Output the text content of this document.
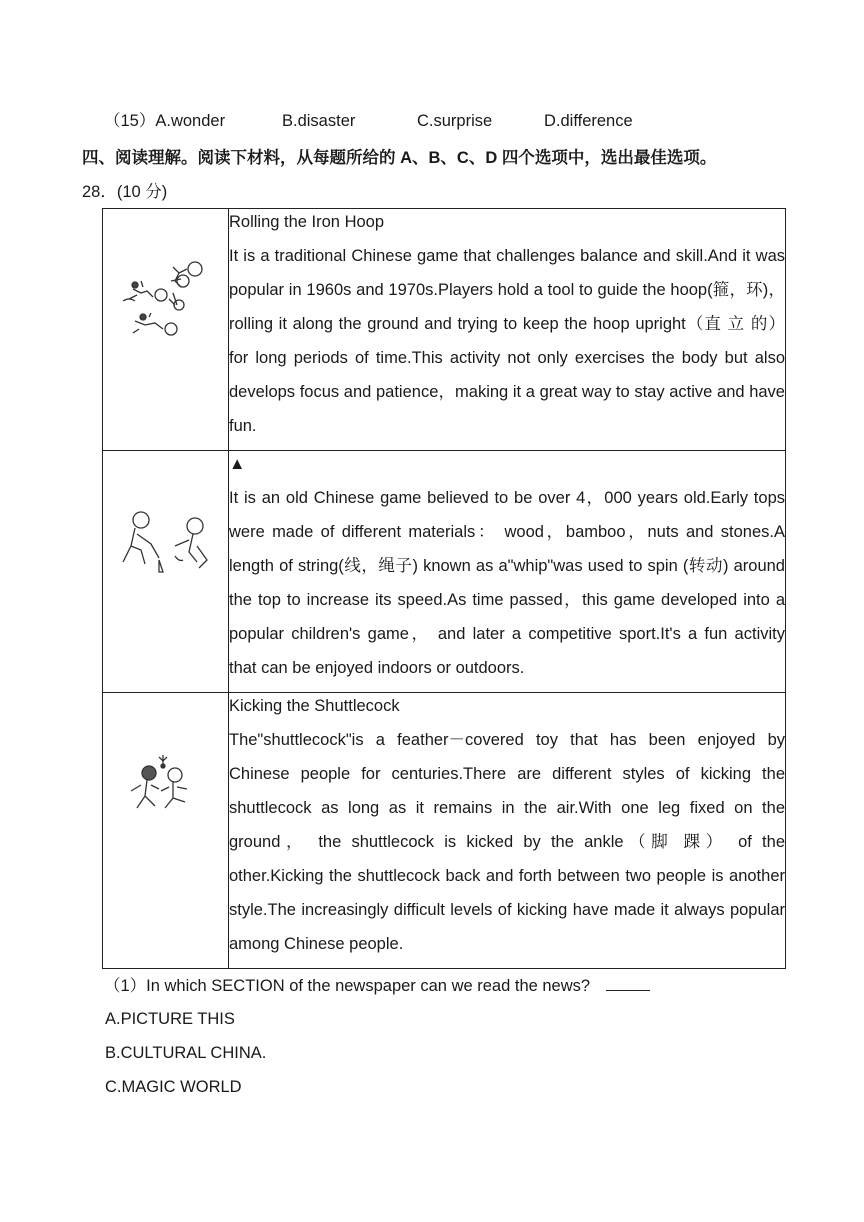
（15）A.wonder	B.disaster	C.surprise	D.difference
四、阅读理解。阅读下材料，从每题所给的 A、B、C、D 四个选项中，选出最佳选项。
28．(10 分)

Rolling the Iron Hoop
It is a traditional Chinese game that challenges balance and skill.And it was popular in 1960s and 1970s.Players hold a tool to guide the hoop(箍，环)，rolling it along the ground and trying to keep the hoop upright（直 立 的） for long periods of time.This activity not only exercises the body but also develops focus and patience，making it a great way to stay active and have fun.

▲
It is an old Chinese game believed to be over 4，000 years old.Early tops were made of different materials： wood，bamboo，nuts and stones.A length of string(线，绳子) known as a"whip"was used to spin (转动) around the top to increase its speed.As time passed，this game developed into a popular children's game， and later a competitive sport.It's a fun activity that can be enjoyed indoors or outdoors.

Kicking the Shuttlecock
The"shuttlecock"is a feather－covered toy that has been enjoyed by Chinese people for centuries.There are different styles of kicking the shuttlecock as long as it remains in the air.With one leg fixed on the ground， the shuttlecock is kicked by the ankle（脚 踝） of the other.Kicking the shuttlecock back and forth between two people is another style.The increasingly difficult levels of kicking have made it always popular among Chinese people.
（1）In which SECTION of the newspaper can we read the news?
A.PICTURE THIS
B.CULTURAL CHINA.
C.MAGIC WORLD
